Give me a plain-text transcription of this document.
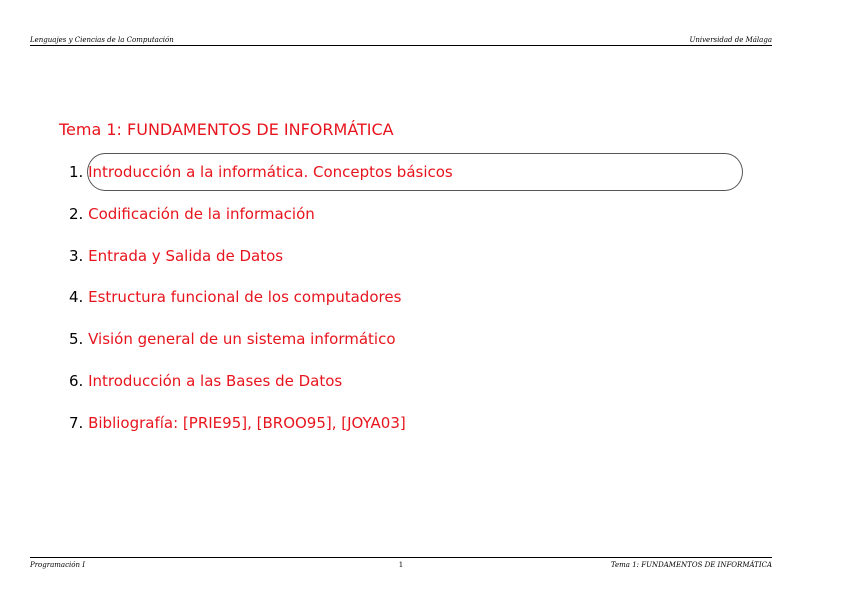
Lenguajes y Ciencias de la Computación	Universidad de Málaga
Tema 1: FUNDAMENTOS DE INFORMÁTICA
1. Introducción a la informática. Conceptos básicos
2. Codificación de la información
3. Entrada y Salida de Datos
4. Estructura funcional de los computadores
5. Visión general de un sistema informático
6. Introducción a las Bases de Datos
7. Bibliografía: [PRIE95], [BROO95], [JOYA03]
Programación I	1	Tema 1: FUNDAMENTOS DE INFORMÁTICA
